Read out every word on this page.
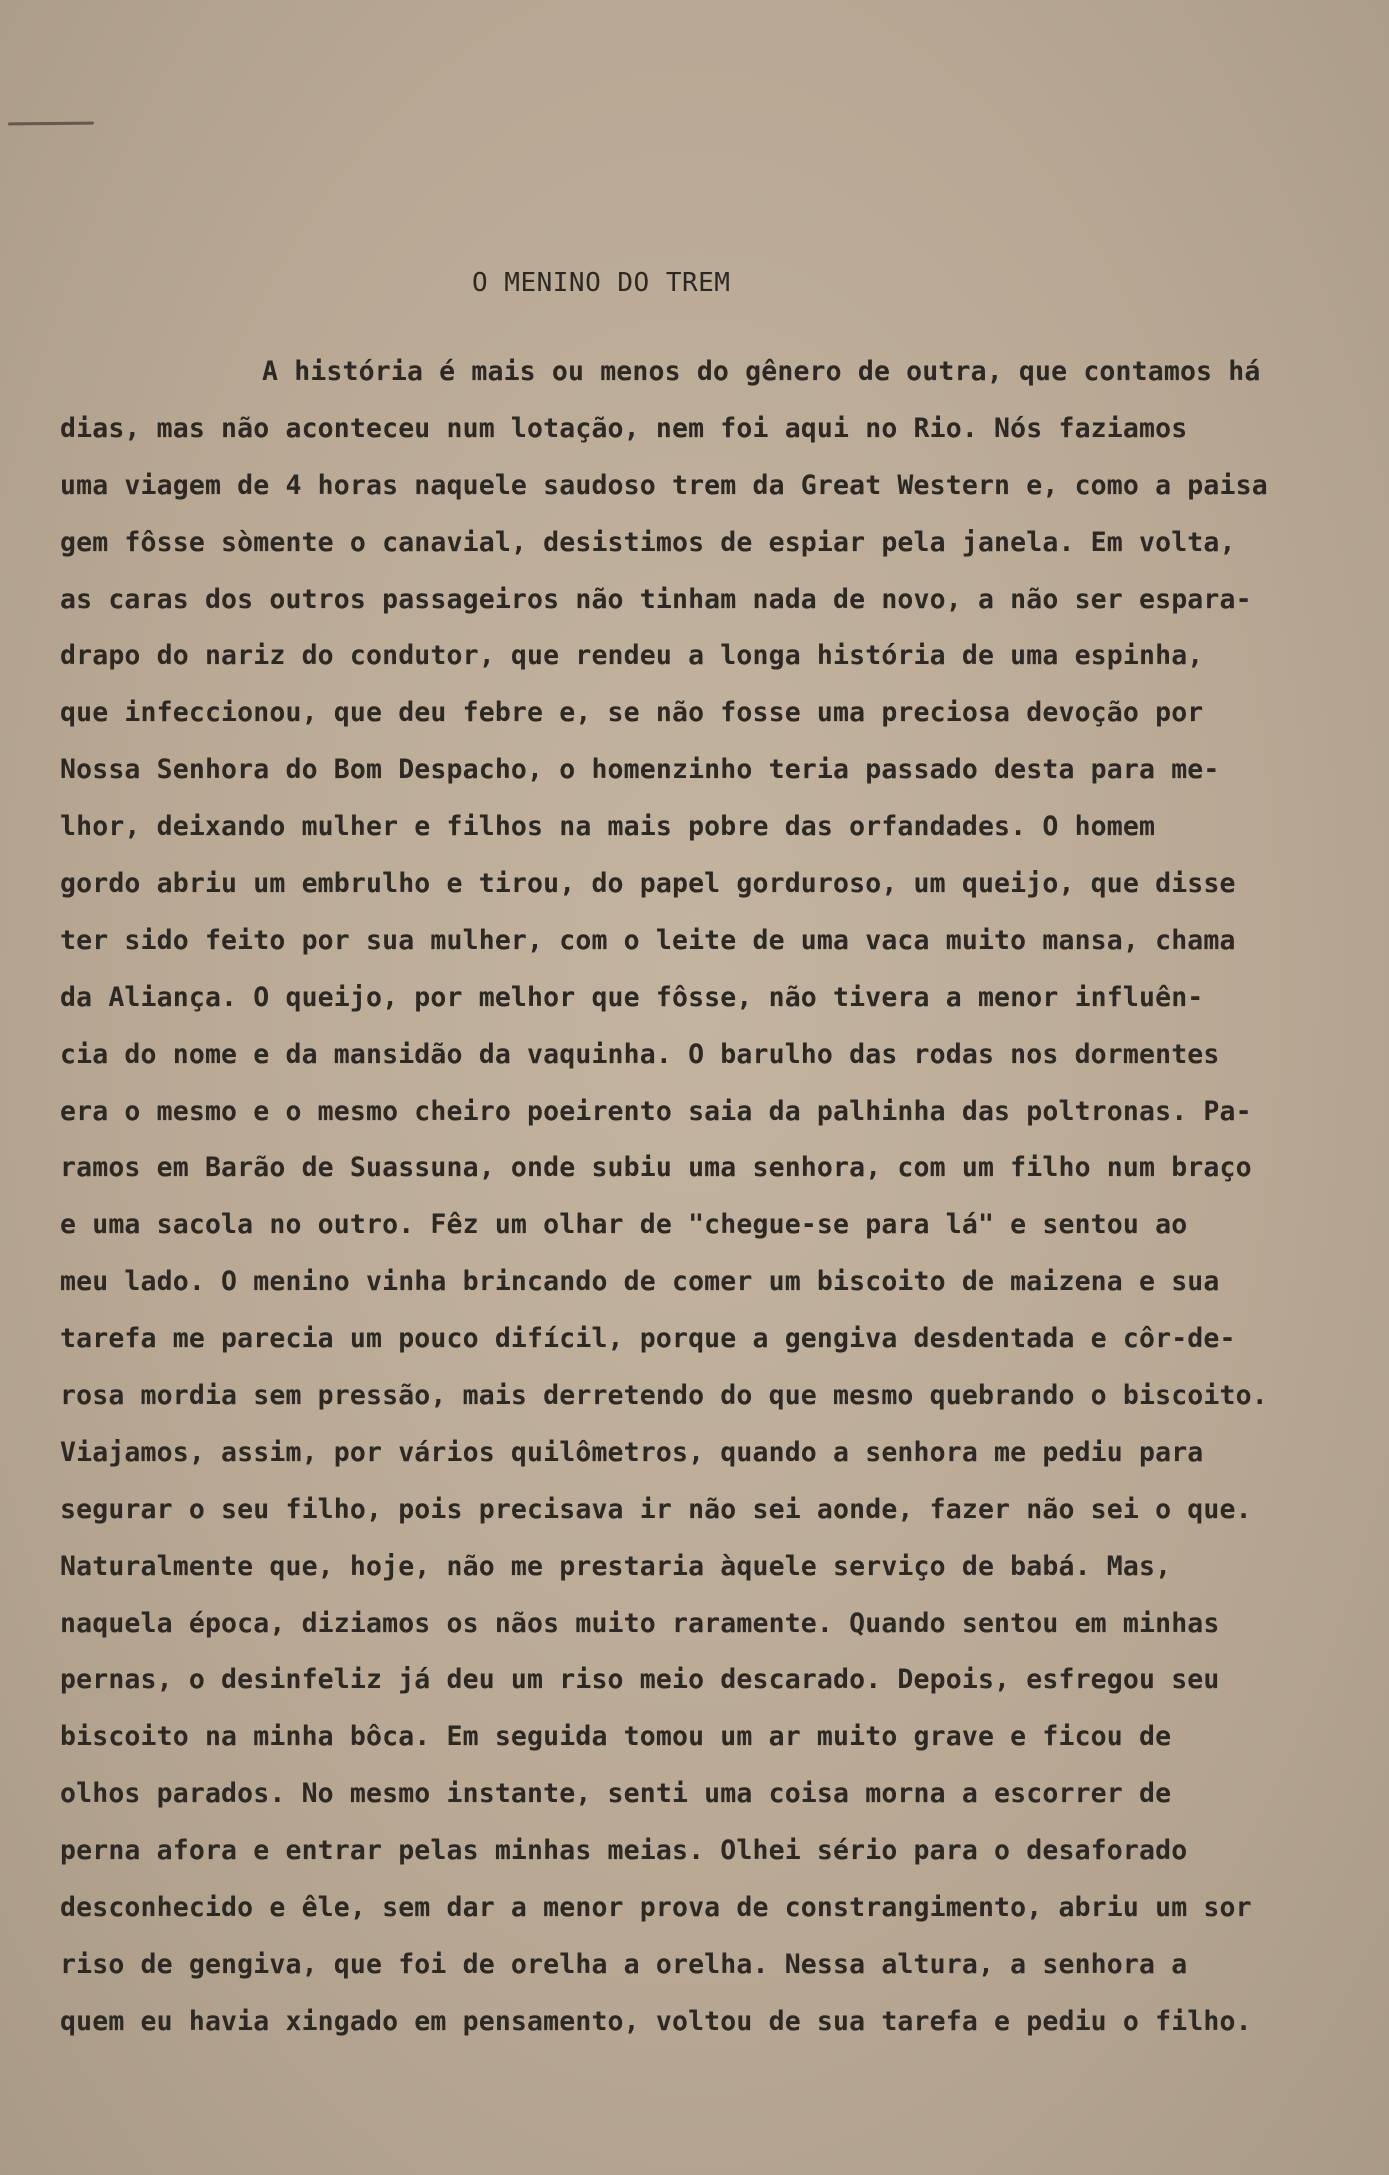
O MENINO DO TREM
A história é mais ou menos do gênero de outra, que contamos há
dias, mas não aconteceu num lotação, nem foi aqui no Rio. Nós faziamos
uma viagem de 4 horas naquele saudoso trem da Great Western e, como a paisa
gem fôsse sòmente o canavial, desistimos de espiar pela janela. Em volta,
as caras dos outros passageiros não tinham nada de novo, a não ser espara-
drapo do nariz do condutor, que rendeu a longa história de uma espinha,
que infeccionou, que deu febre e, se não fosse uma preciosa devoção por
Nossa Senhora do Bom Despacho, o homenzinho teria passado desta para me-
lhor, deixando mulher e filhos na mais pobre das orfandades. O homem
gordo abriu um embrulho e tirou, do papel gorduroso, um queijo, que disse
ter sido feito por sua mulher, com o leite de uma vaca muito mansa, chama
da Aliança. O queijo, por melhor que fôsse, não tivera a menor influên-
cia do nome e da mansidão da vaquinha. O barulho das rodas nos dormentes
era o mesmo e o mesmo cheiro poeirento saia da palhinha das poltronas. Pa-
ramos em Barão de Suassuna, onde subiu uma senhora, com um filho num braço
e uma sacola no outro. Fêz um olhar de "chegue-se para lá" e sentou ao
meu lado. O menino vinha brincando de comer um biscoito de maizena e sua
tarefa me parecia um pouco difícil, porque a gengiva desdentada e côr-de-
rosa mordia sem pressão, mais derretendo do que mesmo quebrando o biscoito.
Viajamos, assim, por vários quilômetros, quando a senhora me pediu para
segurar o seu filho, pois precisava ir não sei aonde, fazer não sei o que.
Naturalmente que, hoje, não me prestaria àquele serviço de babá. Mas,
naquela época, diziamos os nãos muito raramente. Quando sentou em minhas
pernas, o desinfeliz já deu um riso meio descarado. Depois, esfregou seu
biscoito na minha bôca. Em seguida tomou um ar muito grave e ficou de
olhos parados. No mesmo instante, senti uma coisa morna a escorrer de
perna afora e entrar pelas minhas meias. Olhei sério para o desaforado
desconhecido e êle, sem dar a menor prova de constrangimento, abriu um sor
riso de gengiva, que foi de orelha a orelha. Nessa altura, a senhora a
quem eu havia xingado em pensamento, voltou de sua tarefa e pediu o filho.
